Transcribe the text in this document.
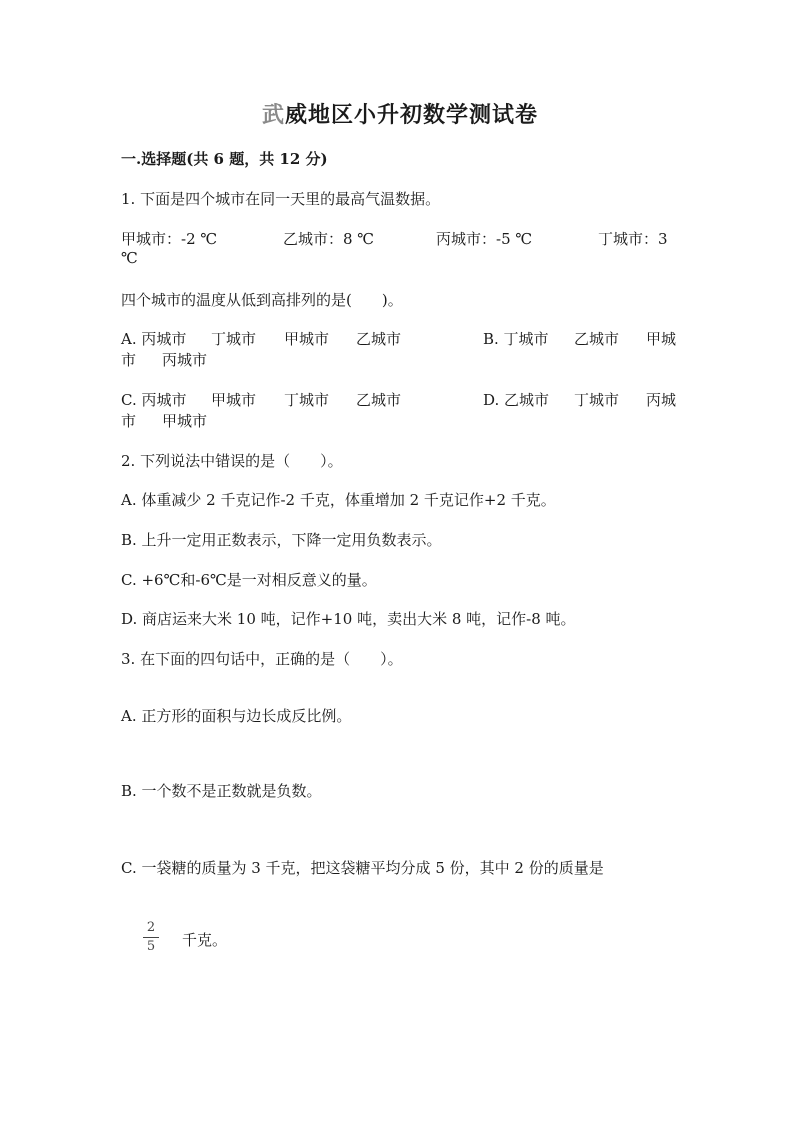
武威地区小升初数学测试卷
一.选择题(共 6 题，共 12 分)
1. 下面是四个城市在同一天里的最高气温数据。
甲城市：-2 ℃	乙城市：8 ℃	丙城市：-5 ℃	丁城市：3
℃
四个城市的温度从低到高排列的是(　　)。
A. 丙城市 丁城市 甲城市 乙城市	B. 丁城市 乙城市 甲城
市 丙城市
C. 丙城市 甲城市 丁城市 乙城市	D. 乙城市 丁城市 丙城
市 甲城市
2. 下列说法中错误的是（　　）。
A. 体重减少 2 千克记作-2 千克，体重增加 2 千克记作+2 千克。
B. 上升一定用正数表示，下降一定用负数表示。
C. +6℃和-6℃是一对相反意义的量。
D. 商店运来大米 10 吨，记作+10 吨，卖出大米 8 吨，记作-8 吨。
3. 在下面的四句话中，正确的是（　　）。
A. 正方形的面积与边长成反比例。
B. 一个数不是正数就是负数。
C. 一袋糖的质量为 3 千克，把这袋糖平均分成 5 份，其中 2 份的质量是
2
5 千克。
